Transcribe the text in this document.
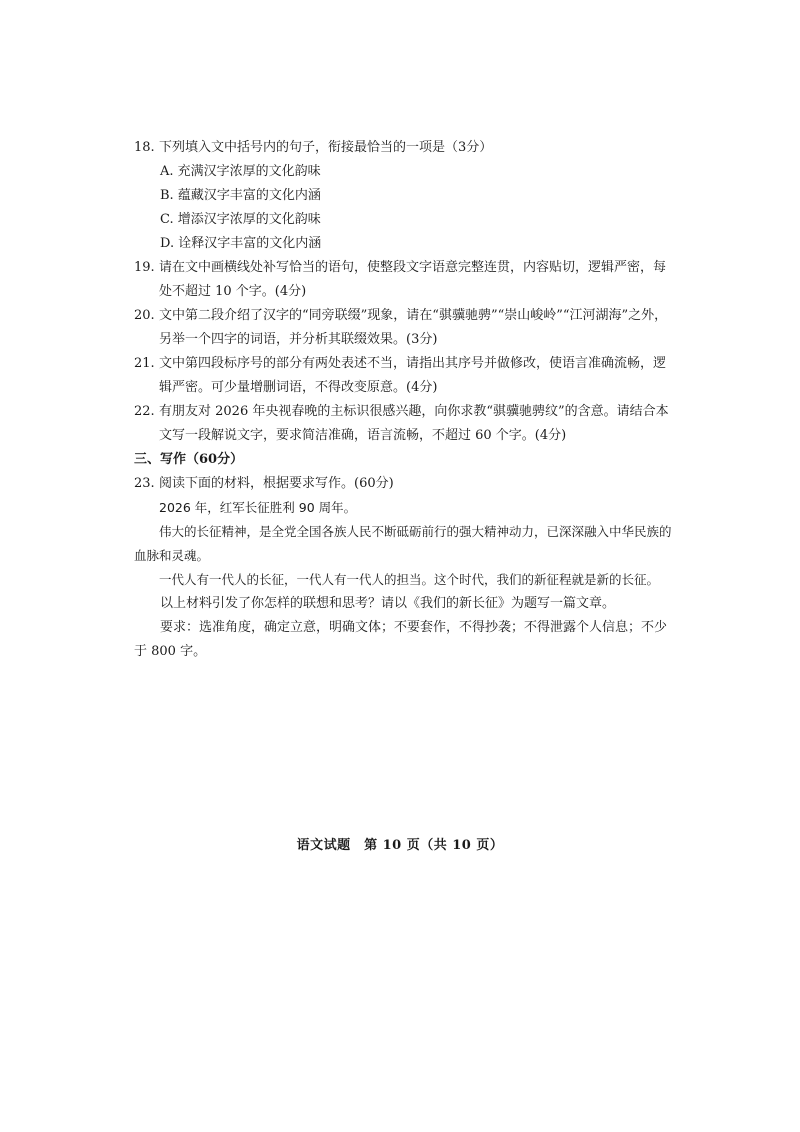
18. 下列填入文中括号内的句子，衔接最恰当的一项是（3分）
A. 充满汉字浓厚的文化韵味
B. 蕴藏汉字丰富的文化内涵
C. 增添汉字浓厚的文化韵味
D. 诠释汉字丰富的文化内涵
19. 请在文中画横线处补写恰当的语句，使整段文字语意完整连贯，内容贴切，逻辑严密，每处不超过 10 个字。(4分)
20. 文中第二段介绍了汉字的“同旁联缀”现象，请在“骐骥驰骋”“崇山峻岭”“江河湖海”之外，另举一个四字的词语，并分析其联缀效果。(3分)
21. 文中第四段标序号的部分有两处表述不当，请指出其序号并做修改，使语言准确流畅，逻辑严密。可少量增删词语，不得改变原意。(4分)
22. 有朋友对 2026 年央视春晚的主标识很感兴趣，向你求教“骐骥驰骋纹”的含意。请结合本文写一段解说文字，要求简洁准确，语言流畅，不超过 60 个字。(4分)
三、写作（60分）
23. 阅读下面的材料，根据要求写作。(60分)
2026 年，红军长征胜利 90 周年。
伟大的长征精神，是全党全国各族人民不断砥砺前行的强大精神动力，已深深融入中华民族的血脉和灵魂。
一代人有一代人的长征，一代人有一代人的担当。这个时代，我们的新征程就是新的长征。
以上材料引发了你怎样的联想和思考？请以《我们的新长征》为题写一篇文章。
要求：选准角度，确定立意，明确文体；不要套作，不得抄袭；不得泄露个人信息；不少于 800 字。
语文试题　第 10 页（共 10 页）
